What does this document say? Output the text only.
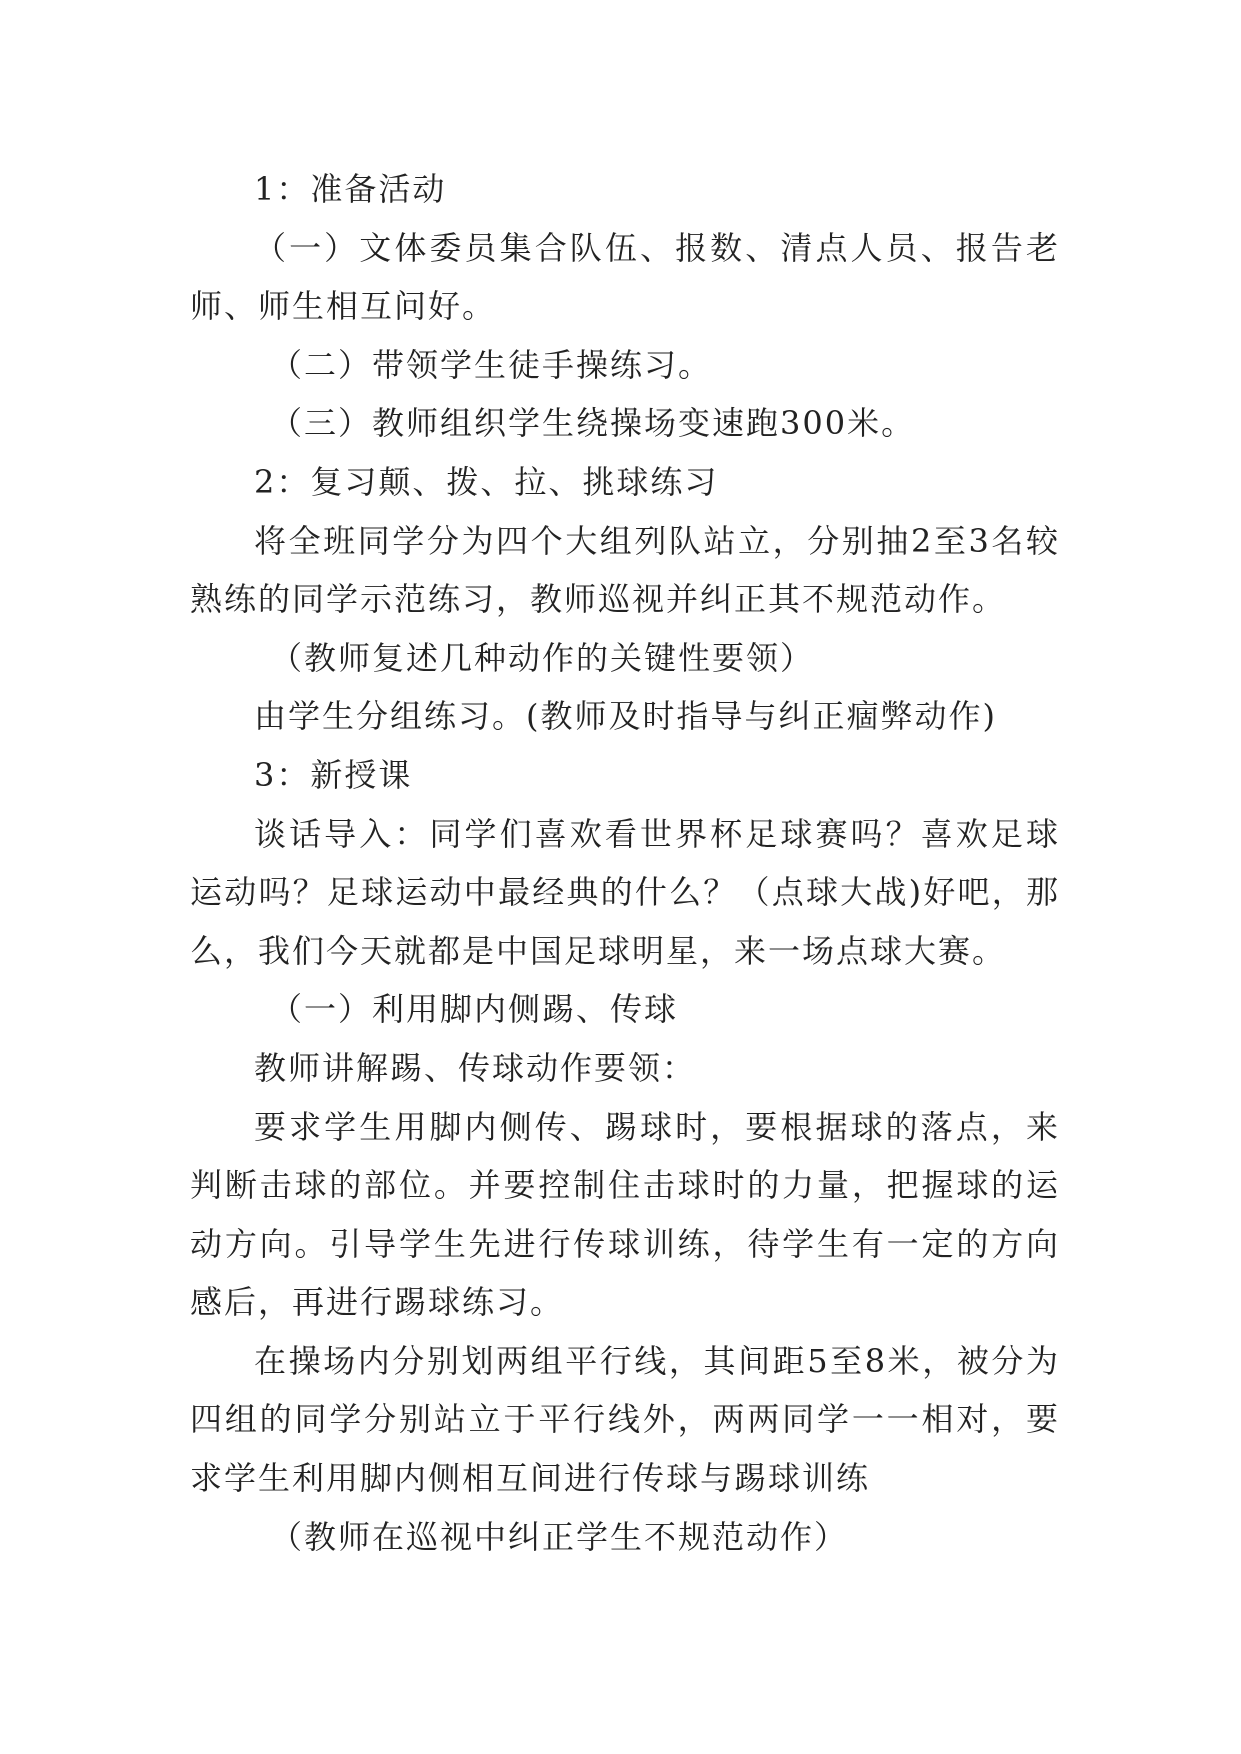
1：准备活动

（一）文体委员集合队伍、报数、清点人员、报告老师、师生相互问好。

（二）带领学生徒手操练习。

（三）教师组织学生绕操场变速跑300米。

2：复习颠、拨、拉、挑球练习

将全班同学分为四个大组列队站立，分别抽2至3名较熟练的同学示范练习，教师巡视并纠正其不规范动作。

（教师复述几种动作的关键性要领）

由学生分组练习。(教师及时指导与纠正痼弊动作)

3：新授课

谈话导入：同学们喜欢看世界杯足球赛吗？喜欢足球运动吗？足球运动中最经典的什么？（点球大战)好吧，那么，我们今天就都是中国足球明星，来一场点球大赛。

（一）利用脚内侧踢、传球

教师讲解踢、传球动作要领：

要求学生用脚内侧传、踢球时，要根据球的落点，来判断击球的部位。并要控制住击球时的力量，把握球的运动方向。引导学生先进行传球训练，待学生有一定的方向感后，再进行踢球练习。

在操场内分别划两组平行线，其间距5至8米，被分为四组的同学分别站立于平行线外，两两同学一一相对，要求学生利用脚内侧相互间进行传球与踢球训练

（教师在巡视中纠正学生不规范动作）
